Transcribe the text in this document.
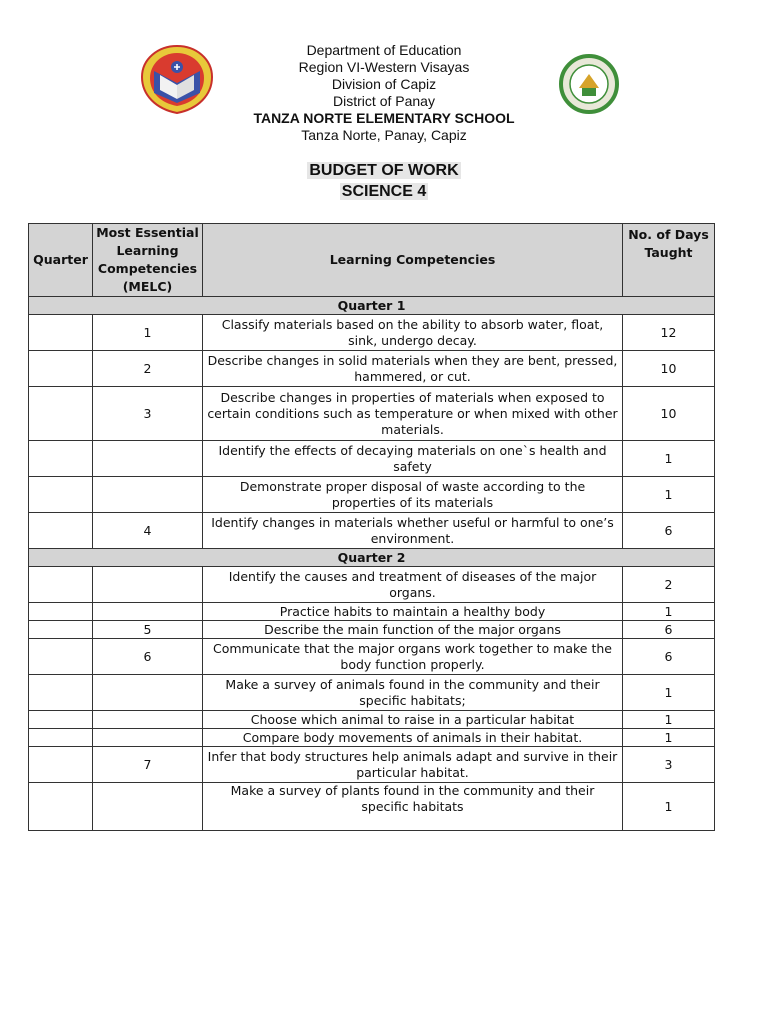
Department of Education
Region VI-Western Visayas
Division of Capiz
District of Panay
TANZA NORTE ELEMENTARY SCHOOL
Tanza Norte, Panay, Capiz
BUDGET OF WORK
SCIENCE 4
Quarter	Most Essential Learning Competencies (MELC)	Learning Competencies	No. of Days Taught
Quarter 1			
	1	Classify materials based on the ability to absorb water, float, sink, undergo decay.	12
	2	Describe changes in solid materials when they are bent, pressed, hammered, or cut.	10
	3	Describe changes in properties of materials when exposed to certain conditions such as temperature or when mixed with other materials.	10
		Identify the effects of decaying materials on one`s health and safety	1
		Demonstrate proper disposal of waste according to the properties of its materials	1
	4	Identify changes in materials whether useful or harmful to one’s environment.	6
Quarter 2			
		Identify the causes and treatment of diseases of the major organs.	2
		Practice habits to maintain a healthy body	1
	5	Describe the main function of the major organs	6
	6	Communicate that the major organs work together to make the body function properly.	6
		Make a survey of animals found in the community and their specific habitats;	1
		Choose which animal to raise in a particular habitat	1
		Compare body movements of animals in their habitat.	1
	7	Infer that body structures help animals adapt and survive in their particular habitat.	3
		Make a survey of plants found in the community and their specific habitats	1
